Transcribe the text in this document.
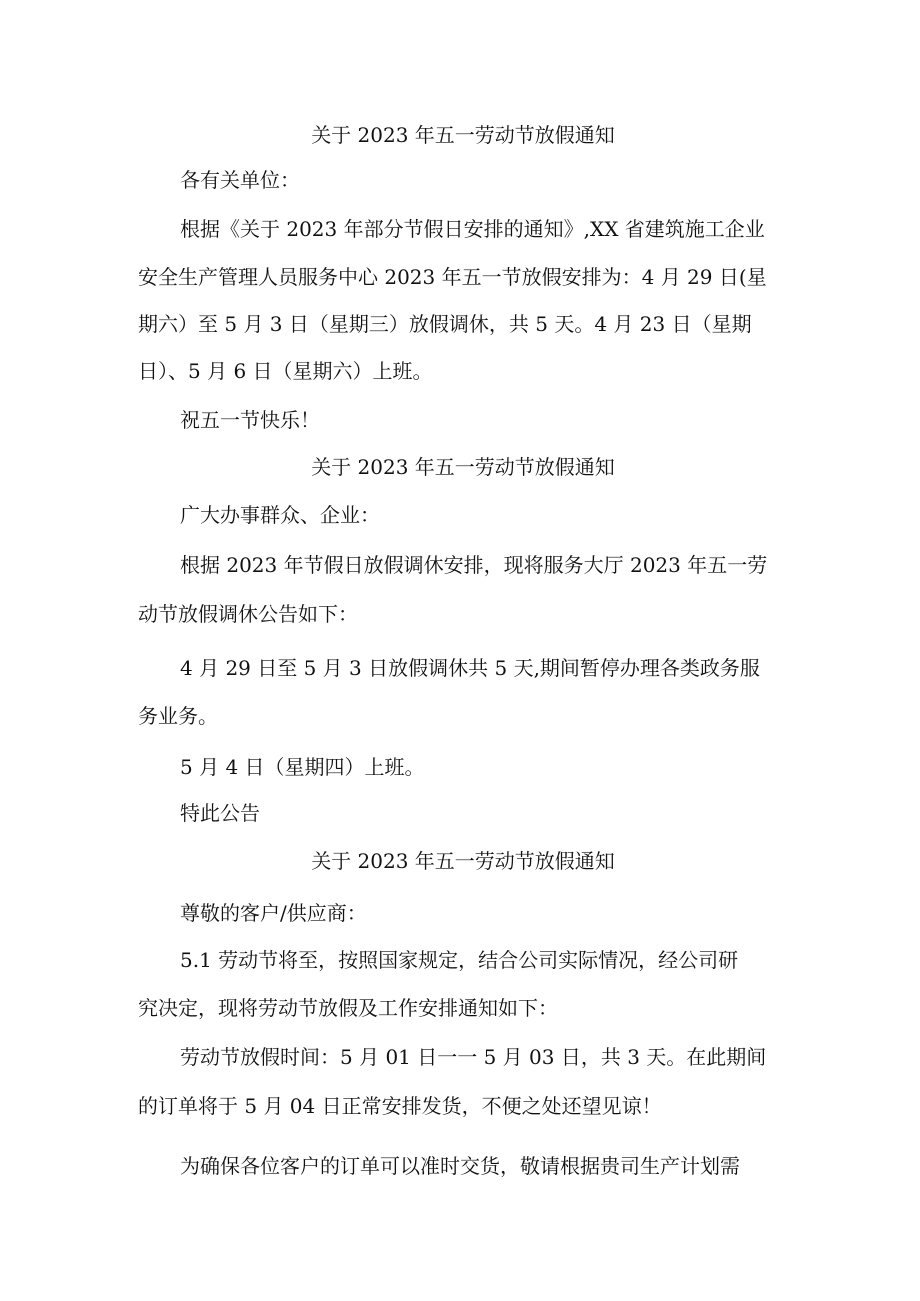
关于 2023 年五一劳动节放假通知
各有关单位：
根据《关于 2023 年部分节假日安排的通知》,XX 省建筑施工企业
安全生产管理人员服务中心 2023 年五一节放假安排为：4 月 29 日(星
期六）至 5 月 3 日（星期三）放假调休，共 5 天。4 月 23 日（星期
日）、5 月 6 日（星期六）上班。
祝五一节快乐！
关于 2023 年五一劳动节放假通知
广大办事群众、企业：
根据 2023 年节假日放假调休安排，现将服务大厅 2023 年五一劳
动节放假调休公告如下：
4 月 29 日至 5 月 3 日放假调休共 5 天,期间暂停办理各类政务服
务业务。
5 月 4 日（星期四）上班。
特此公告
关于 2023 年五一劳动节放假通知
尊敬的客户/供应商：
5.1 劳动节将至，按照国家规定，结合公司实际情况，经公司研
究决定，现将劳动节放假及工作安排通知如下：
劳动节放假时间：5 月 01 日一一 5 月 03 日，共 3 天。在此期间
的订单将于 5 月 04 日正常安排发货，不便之处还望见谅！
为确保各位客户的订单可以准时交货，敬请根据贵司生产计划需
